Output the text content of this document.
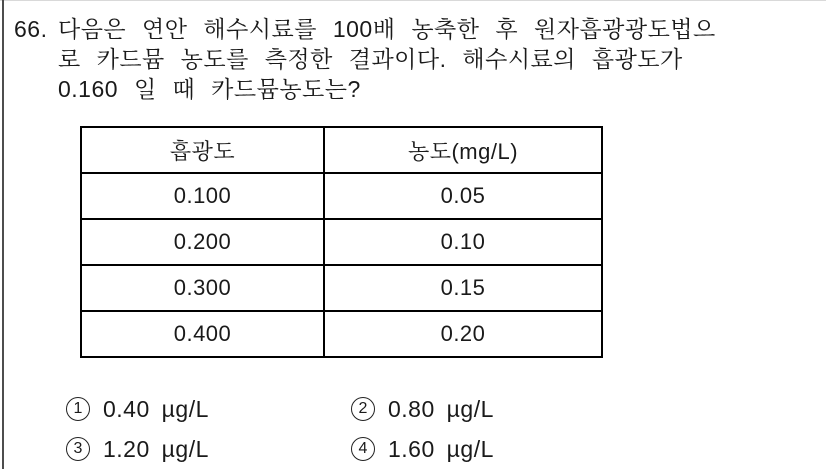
66. 다음은 연안 해수시료를 100배 농축한 후 원자흡광광도법으
로 카드뮴 농도를 측정한 결과이다. 해수시료의 흡광도가
0.160 일 때 카드뮴농도는?
흡광도	농도(mg/L)
0.100	0.05
0.200	0.10
0.300	0.15
0.400	0.20
1 0.40 µg/L	2 0.80 µg/L
3 1.20 µg/L	4 1.60 µg/L
